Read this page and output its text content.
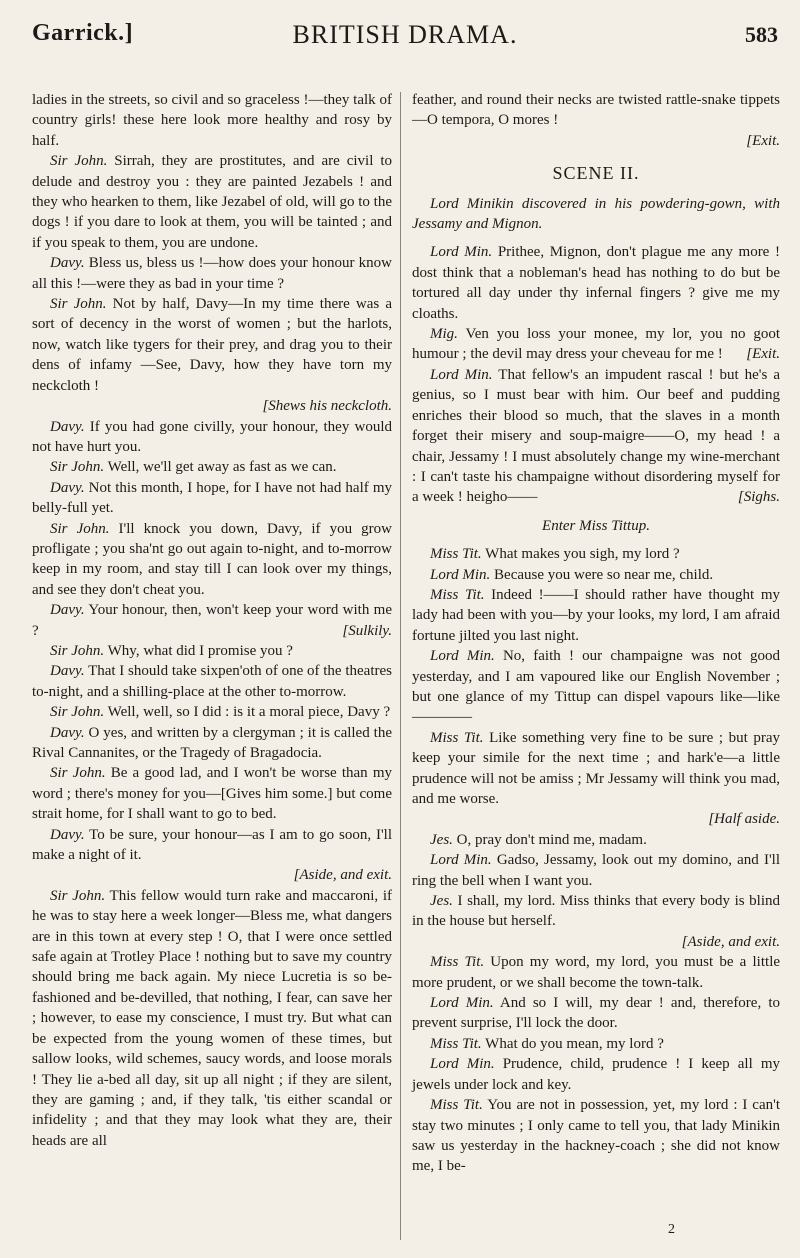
Garrick.]	BRITISH DRAMA.	583

ladies in the streets, so civil and so graceless !—they talk of country girls! these here look more healthy and rosy by half.

Sir John. Sirrah, they are prostitutes, and are civil to delude and destroy you : they are painted Jezabels ! and they who hearken to them, like Jezabel of old, will go to the dogs ! if you dare to look at them, you will be tainted ; and if you speak to them, you are undone.

Davy. Bless us, bless us !—how does your honour know all this !—were they as bad in your time ?

Sir John. Not by half, Davy—In my time there was a sort of decency in the worst of women ; but the harlots, now, watch like tygers for their prey, and drag you to their dens of infamy —See, Davy, how they have torn my neckcloth !

[Shews his neckcloth.

Davy. If you had gone civilly, your honour, they would not have hurt you.

Sir John. Well, we'll get away as fast as we can.

Davy. Not this month, I hope, for I have not had half my belly-full yet.

Sir John. I'll knock you down, Davy, if you grow profligate ; you sha'nt go out again to-night, and to-morrow keep in my room, and stay till I can look over my things, and see they don't cheat you.

Davy. Your honour, then, won't keep your word with me ?	[Sulkily.

Sir John. Why, what did I promise you ?

Davy. That I should take sixpen'oth of one of the theatres to-night, and a shilling-place at the other to-morrow.

Sir John. Well, well, so I did : is it a moral piece, Davy ?

Davy. O yes, and written by a clergyman ; it is called the Rival Cannanites, or the Tragedy of Bragadocia.

Sir John. Be a good lad, and I won't be worse than my word ; there's money for you—[Gives him some.] but come strait home, for I shall want to go to bed.

Davy. To be sure, your honour—as I am to go soon, I'll make a night of it.

[Aside, and exit.

Sir John. This fellow would turn rake and maccaroni, if he was to stay here a week longer—Bless me, what dangers are in this town at every step ! O, that I were once settled safe again at Trotley Place ! nothing but to save my country should bring me back again. My niece Lucretia is so be-fashioned and be-devilled, that nothing, I fear, can save her ; however, to ease my conscience, I must try. But what can be expected from the young women of these times, but sallow looks, wild schemes, saucy words, and loose morals ! They lie a-bed all day, sit up all night ; if they are silent, they are gaming ; and, if they talk, 'tis either scandal or infidelity ; and that they may look what they are, their heads are all

feather, and round their necks are twisted rattle-snake tippets—O tempora, O mores !

[Exit.

SCENE II.

Lord Minikin discovered in his powdering-gown, with Jessamy and Mignon.

Lord Min. Prithee, Mignon, don't plague me any more ! dost think that a nobleman's head has nothing to do but be tortured all day under thy infernal fingers ? give me my cloaths.

Mig. Ven you loss your monee, my lor, you no goot humour ; the devil may dress your cheveau for me !	[Exit.

Lord Min. That fellow's an impudent rascal ! but he's a genius, so I must bear with him. Our beef and pudding enriches their blood so much, that the slaves in a month forget their misery and soup-maigre——O, my head ! a chair, Jessamy ! I must absolutely change my wine-merchant : I can't taste his champaigne without disordering myself for a week ! heigho——	[Sighs.

Enter Miss Tittup.

Miss Tit. What makes you sigh, my lord ?

Lord Min. Because you were so near me, child.

Miss Tit. Indeed !——I should rather have thought my lady had been with you—by your looks, my lord, I am afraid fortune jilted you last night.

Lord Min. No, faith ! our champaigne was not good yesterday, and I am vapoured like our English November ; but one glance of my Tittup can dispel vapours like—like————

Miss Tit. Like something very fine to be sure ; but pray keep your simile for the next time ; and hark'e—a little prudence will not be amiss ; Mr Jessamy will think you mad, and me worse.

[Half aside.

Jes. O, pray don't mind me, madam.

Lord Min. Gadso, Jessamy, look out my domino, and I'll ring the bell when I want you.

Jes. I shall, my lord. Miss thinks that every body is blind in the house but herself.

[Aside, and exit.

Miss Tit. Upon my word, my lord, you must be a little more prudent, or we shall become the town-talk.

Lord Min. And so I will, my dear ! and, therefore, to prevent surprise, I'll lock the door.

Miss Tit. What do you mean, my lord ?

Lord Min. Prudence, child, prudence ! I keep all my jewels under lock and key.

Miss Tit. You are not in possession, yet, my lord : I can't stay two minutes ; I only came to tell you, that lady Minikin saw us yesterday in the hackney-coach ; she did not know me, I be-

2
